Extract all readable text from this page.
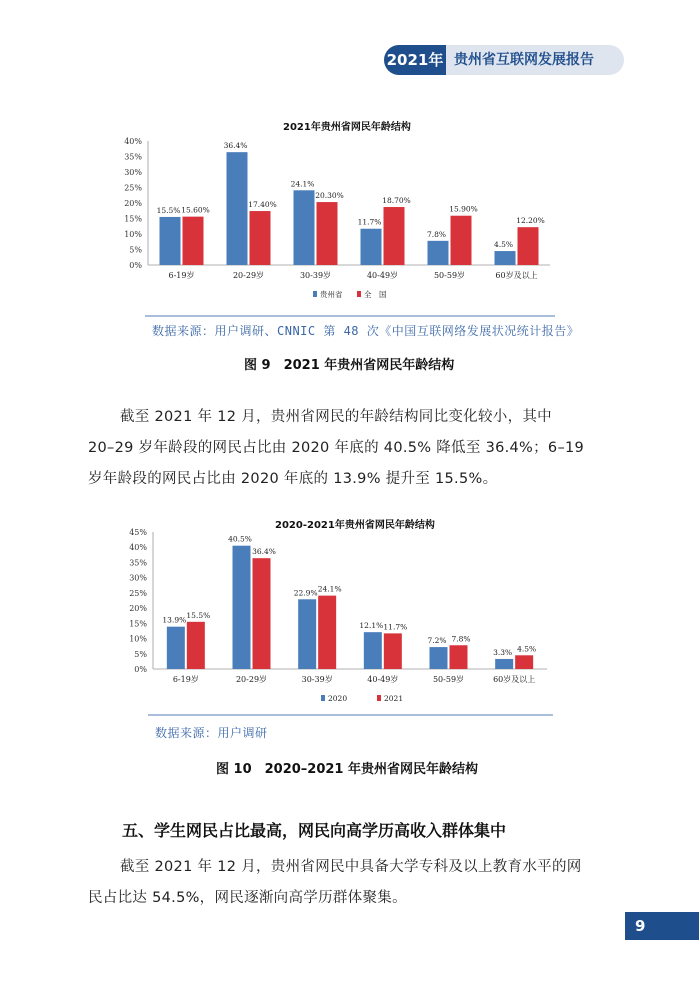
2021年 贵州省互联网发展报告
2021年贵州省网民年龄结构
0%
5%
10%
15%
20%
25%
30%
35%
40%
15.5% 15.60%
6-19岁
36.4%
17.40%
20-29岁
24.1%
20.30%
30-39岁
11.7%
18.70%
40-49岁
7.8%
15.90%
50-59岁
4.5%
12.20%
60岁及以上
贵州省	全　国
数据来源：用户调研、CNNIC 第 48 次《中国互联网络发展状况统计报告》
图 9　2021 年贵州省网民年龄结构
截至 2021 年 12 月，贵州省网民的年龄结构同比变化较小，其中
20–29 岁年龄段的网民占比由 2020 年底的 40.5% 降低至 36.4%；6–19
岁年龄段的网民占比由 2020 年底的 13.9% 提升至 15.5%。
2020-2021年贵州省网民年龄结构
0%
5%
10%
15%
20%
25%
30%
35%
40%
45%
13.9%
15.5%
6-19岁
40.5%
36.4%
20-29岁
22.9% 24.1%
30-39岁
12.1% 11.7%
40-49岁
7.2% 7.8%
50-59岁
3.3% 4.5%
60岁及以上
2020	2021
数据来源：用户调研
图 10　2020–2021 年贵州省网民年龄结构
五、学生网民占比最高，网民向高学历高收入群体集中
截至 2021 年 12 月，贵州省网民中具备大学专科及以上教育水平的网
民占比达 54.5%，网民逐渐向高学历群体聚集。
9
